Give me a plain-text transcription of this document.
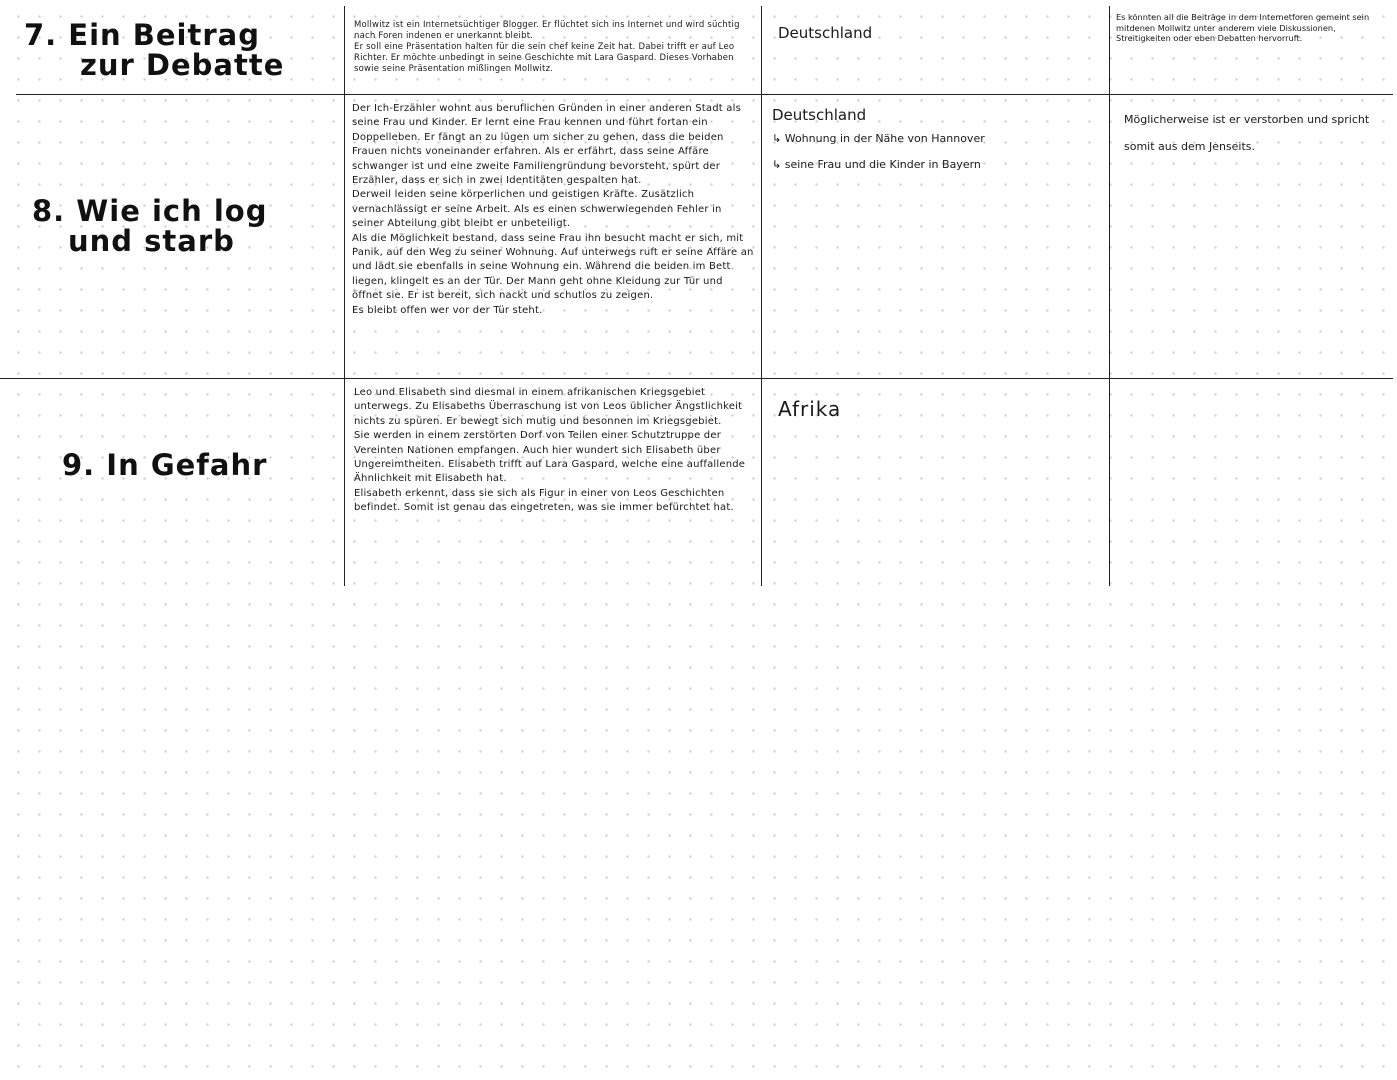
7. Ein Beitrag
zur Debatte

Mollwitz ist ein Internetsüchtiger Blogger. Er flüchtet sich ins Internet und wird süchtig nach Foren indenen er unerkannt bleibt.

Er soll eine Präsentation halten für die sein chef keine Zeit hat. Dabei trifft er auf Leo Richter. Er möchte unbedingt in seine Geschichte mit Lara Gaspard. Dieses Vorhaben sowie seine Präsentation mißlingen Mollwitz.

Deutschland
Es könnten all die Beiträge in dem Internetforen gemeint sein mitdenen Mollwitz unter anderem viele Diskussionen, Streitigkeiten oder eben Debatten hervorruft.
8. Wie ich log
und starb

Der Ich-Erzähler wohnt aus beruflichen Gründen in einer anderen Stadt als seine Frau und Kinder. Er lernt eine Frau kennen und führt fortan ein Doppelleben. Er fängt an zu lügen um sicher zu gehen, dass die beiden Frauen nichts voneinander erfahren. Als er erfährt, dass seine Affäre schwanger ist und eine zweite Familiengründung bevorsteht, spürt der Erzähler, dass er sich in zwei Identitäten gespalten hat.

Derweil leiden seine körperlichen und geistigen Kräfte. Zusätzlich vernachlässigt er seine Arbeit. Als es einen schwerwiegenden Fehler in seiner Abteilung gibt bleibt er unbeteiligt.

Als die Möglichkeit bestand, dass seine Frau ihn besucht macht er sich, mit Panik, auf den Weg zu seiner Wohnung. Auf unterwegs ruft er seine Affäre an und lädt sie ebenfalls in seine Wohnung ein. Während die beiden im Bett liegen, klingelt es an der Tür. Der Mann geht ohne Kleidung zur Tür und öffnet sie. Er ist bereit, sich nackt und schutlos zu zeigen.

Es bleibt offen wer vor der Tür steht.

Deutschland
↳ Wohnung in der Nähe von Hannover
↳ seine Frau und die Kinder in Bayern
Möglicherweise ist er verstorben und spricht somit aus dem Jenseits.
9. In Gefahr

Leo und Elisabeth sind diesmal in einem afrikanischen Kriegsgebiet unterwegs. Zu Elisabeths Überraschung ist von Leos üblicher Ängstlichkeit nichts zu spüren. Er bewegt sich mutig und besonnen im Kriegsgebiet.

Sie werden in einem zerstörten Dorf von Teilen einer Schutztruppe der Vereinten Nationen empfangen. Auch hier wundert sich Elisabeth über Ungereimtheiten. Elisabeth trifft auf Lara Gaspard, welche eine auffallende Ähnlichkeit mit Elisabeth hat.

Elisabeth erkennt, dass sie sich als Figur in einer von Leos Geschichten befindet. Somit ist genau das eingetreten, was sie immer befürchtet hat.

Afrika
